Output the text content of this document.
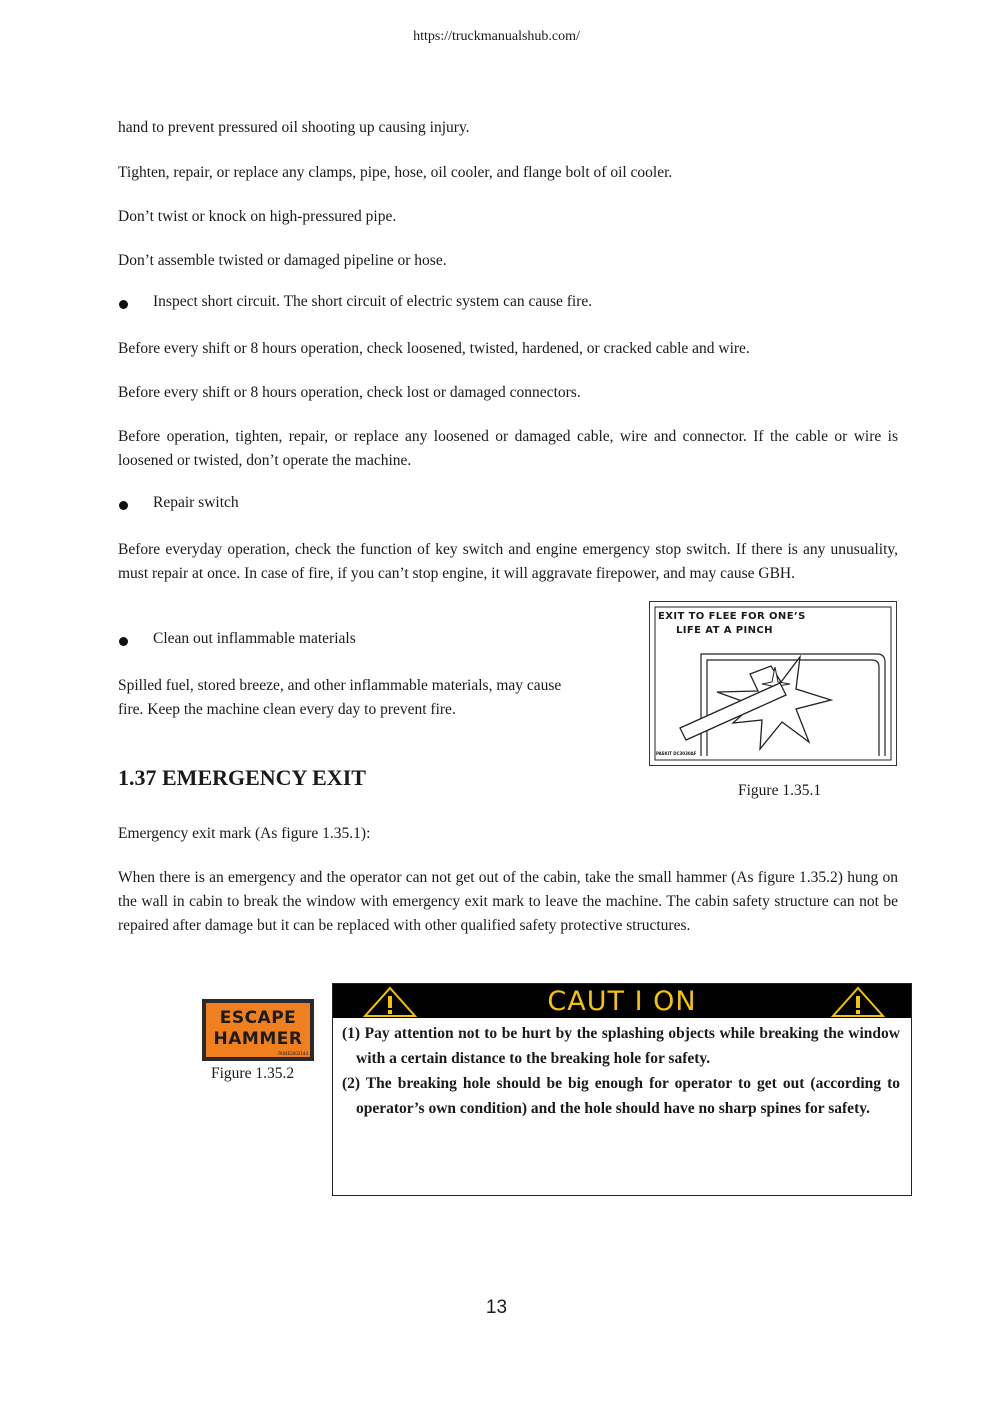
https://truckmanualshub.com/
hand to prevent pressured oil shooting up causing injury.
Tighten, repair, or replace any clamps, pipe, hose, oil cooler, and flange bolt of oil cooler.
Don’t twist or knock on high-pressured pipe.
Don’t assemble twisted or damaged pipeline or hose.
Inspect short circuit. The short circuit of electric system can cause fire.
Before every shift or 8 hours operation, check loosened, twisted, hardened, or cracked cable and wire.
Before every shift or 8 hours operation, check lost or damaged connectors.
Before operation, tighten, repair, or replace any loosened or damaged cable, wire and connector. If the cable or wire is loosened or twisted, don’t operate the machine.
Repair switch
Before everyday operation, check the function of key switch and engine emergency stop switch. If there is any unusuality, must repair at once. In case of fire, if you can’t stop engine, it will aggravate firepower, and may cause GBH.
Clean out inflammable materials
Spilled fuel, stored breeze, and other inflammable materials, may cause
fire. Keep the machine clean every day to prevent fire.
EXIT TO FLEE FOR ONE’S
LIFE AT A PINCH
PASKIT DC3030AF
Figure 1.35.1
1.37 EMERGENCY EXIT
Emergency exit mark (As figure 1.35.1):
When there is an emergency and the operator can not get out of the cabin, take the small hammer (As figure 1.35.2) hung on the wall in cabin to break the window with emergency exit mark to leave the machine. The cabin safety structure can not be repaired after damage but it can be replaced with other qualified safety protective structures.
ESCAPE
HAMMER
7904ES002144
Figure 1.35.2
CAUT I ON
(1) Pay attention not to be hurt by the splashing objects while breaking the window with a certain distance to the breaking hole for safety.
(2) The breaking hole should be big enough for operator to get out (according to operator’s own condition) and the hole should have no sharp spines for safety.
13
